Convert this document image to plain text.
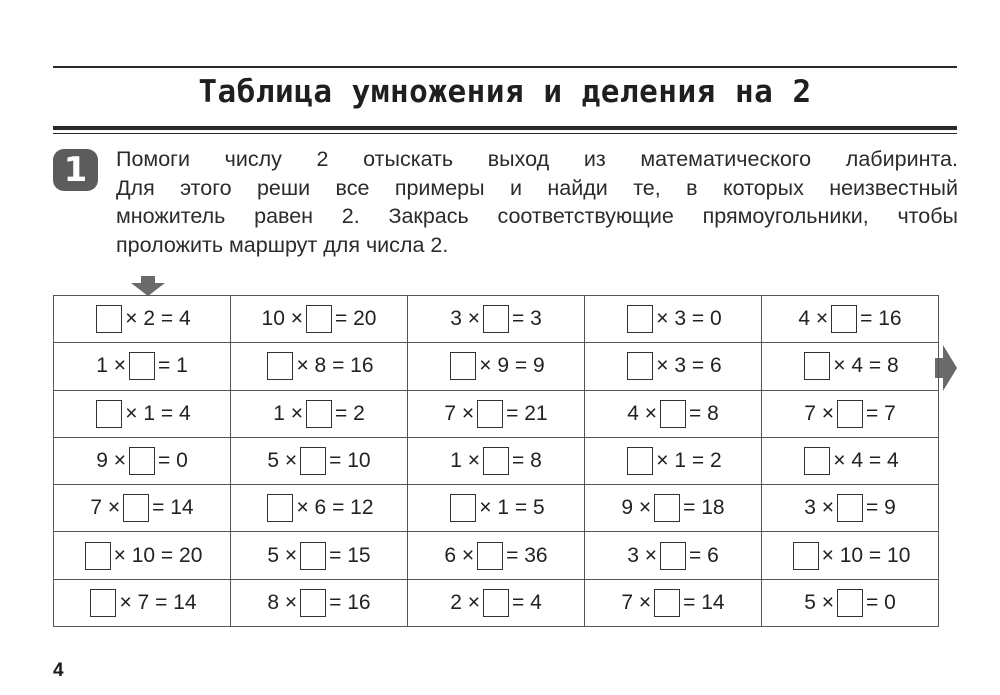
Таблица умножения и деления на 2
1	Помоги числу 2 отыскать выход из математического лабиринта.
Для этого реши все примеры и найди те, в которых неизвестный
множитель равен 2. Закрась соответствующие прямоугольники, чтобы
проложить маршрут для числа 2.
× 2 = 4	10 × = 20	3 × = 3	× 3 = 0	4 × = 16
1 × = 1	× 8 = 16	× 9 = 9	× 3 = 6	× 4 = 8
× 1 = 4	1 × = 2	7 × = 21	4 × = 8	7 × = 7
9 × = 0	5 × = 10	1 × = 8	× 1 = 2	× 4 = 4
7 × = 14	× 6 = 12	× 1 = 5	9 × = 18	3 × = 9
× 10 = 20	5 × = 15	6 × = 36	3 × = 6	× 10 = 10
× 7 = 14	8 × = 16	2 × = 4	7 × = 14	5 × = 0
4
